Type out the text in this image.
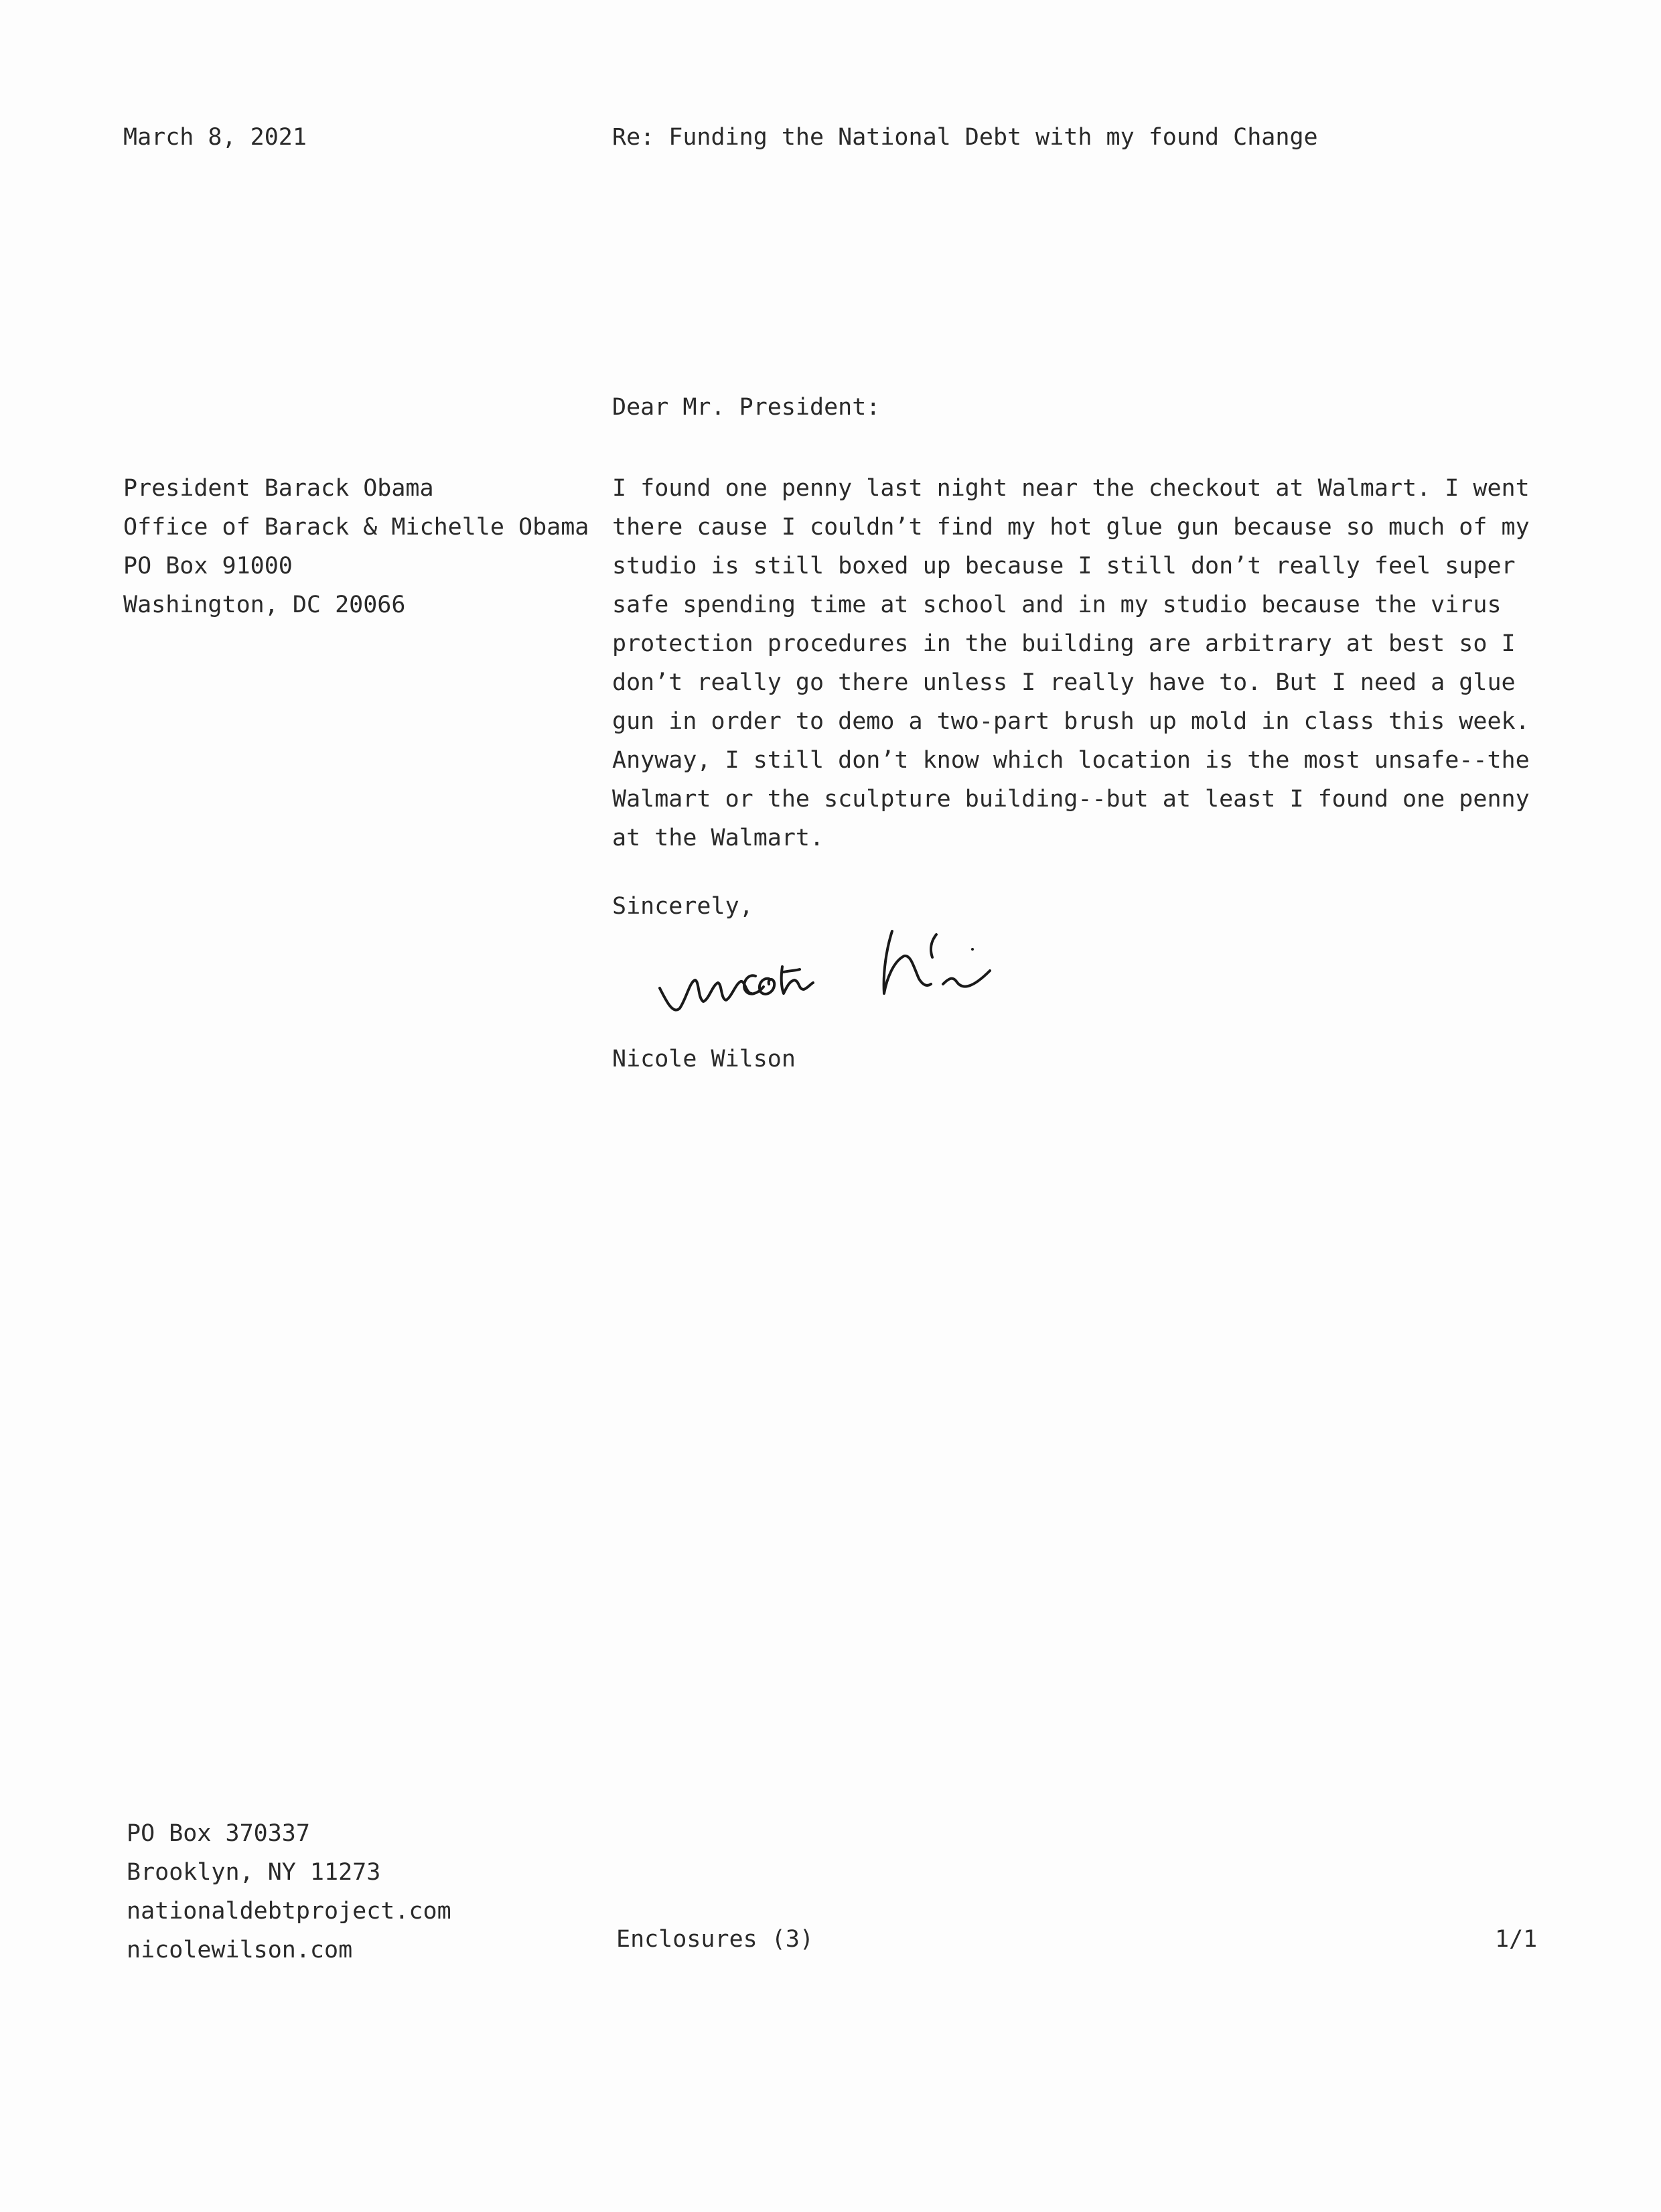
March 8, 2021	Re: Funding the National Debt with my found Change
Dear Mr. President:
President Barack Obama
Office of Barack & Michelle Obama
PO Box 91000
Washington, DC 20066
I found one penny last night near the checkout at Walmart. I went
there cause I couldn’t find my hot glue gun because so much of my
studio is still boxed up because I still don’t really feel super
safe spending time at school and in my studio because the virus
protection procedures in the building are arbitrary at best so I
don’t really go there unless I really have to. But I need a glue
gun in order to demo a two-part brush up mold in class this week.
Anyway, I still don’t know which location is the most unsafe--the
Walmart or the sculpture building--but at least I found one penny
at the Walmart.
Sincerely,
Nicole Wilson
PO Box 370337
Brooklyn, NY 11273
nationaldebtproject.com
nicolewilson.com	Enclosures (3)	1/1
